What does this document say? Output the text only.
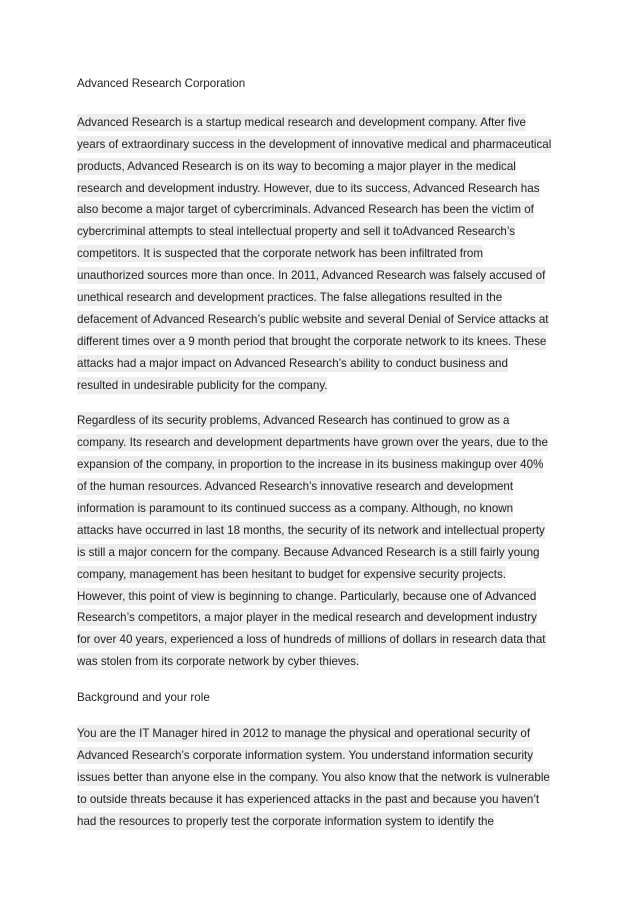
Advanced Research Corporation
Advanced Research is a startup medical research and development company. After five
years of extraordinary success in the development of innovative medical and pharmaceutical
products, Advanced Research is on its way to becoming a major player in the medical
research and development industry. However, due to its success, Advanced Research has
also become a major target of cybercriminals. Advanced Research has been the victim of
cybercriminal attempts to steal intellectual property and sell it toAdvanced Research’s
competitors. It is suspected that the corporate network has been infiltrated from
unauthorized sources more than once. In 2011, Advanced Research was falsely accused of
unethical research and development practices. The false allegations resulted in the
defacement of Advanced Research’s public website and several Denial of Service attacks at
different times over a 9 month period that brought the corporate network to its knees. These
attacks had a major impact on Advanced Research’s ability to conduct business and
resulted in undesirable publicity for the company.
Regardless of its security problems, Advanced Research has continued to grow as a
company. Its research and development departments have grown over the years, due to the
expansion of the company, in proportion to the increase in its business makingup over 40%
of the human resources. Advanced Research’s innovative research and development
information is paramount to its continued success as a company. Although, no known
attacks have occurred in last 18 months, the security of its network and intellectual property
is still a major concern for the company. Because Advanced Research is a still fairly young
company, management has been hesitant to budget for expensive security projects.
However, this point of view is beginning to change. Particularly, because one of Advanced
Research’s competitors, a major player in the medical research and development industry
for over 40 years, experienced a loss of hundreds of millions of dollars in research data that
was stolen from its corporate network by cyber thieves.
Background and your role
You are the IT Manager hired in 2012 to manage the physical and operational security of
Advanced Research’s corporate information system. You understand information security
issues better than anyone else in the company. You also know that the network is vulnerable
to outside threats because it has experienced attacks in the past and because you haven’t
had the resources to properly test the corporate information system to identify the
